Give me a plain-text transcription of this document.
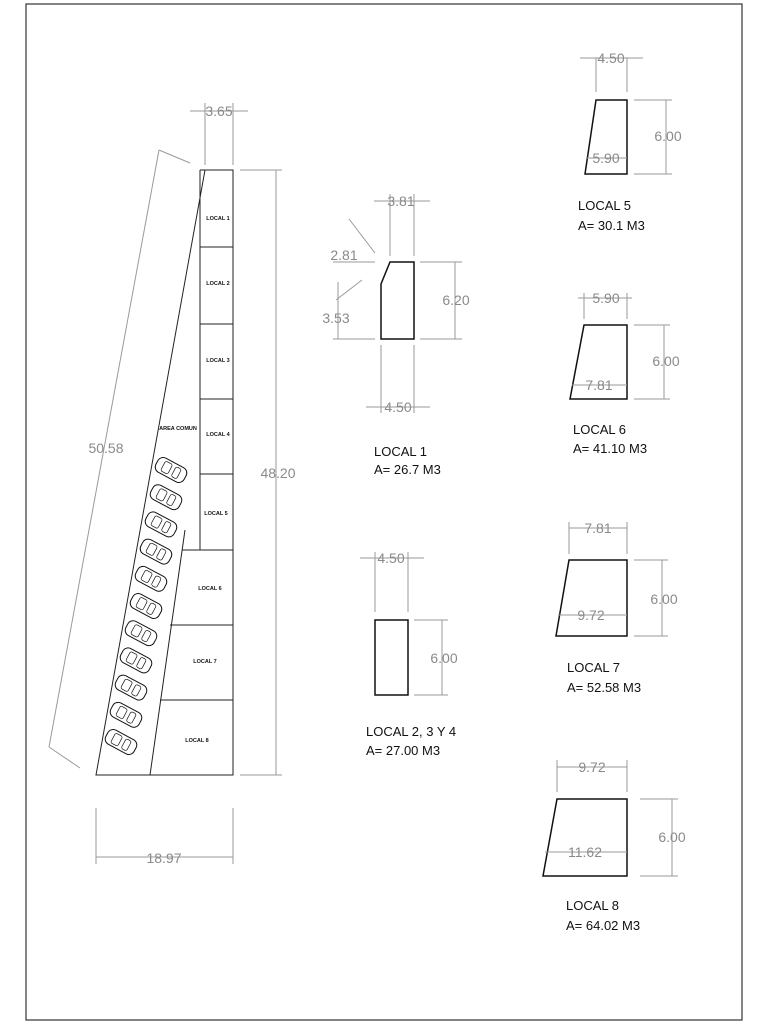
LOCAL 1
LOCAL 2
LOCAL 3
LOCAL 4
LOCAL 5
LOCAL 6
LOCAL 7
LOCAL 8
AREA COMUN
3.65
48.20
50.58
18.97
3.81
6.20
4.50
2.81
3.53
LOCAL 1
A= 26.7 M3
4.50
6.00
LOCAL 2, 3 Y 4
A= 27.00 M3
4.50
5.90
6.00
LOCAL 5
A= 30.1 M3
5.90
7.81
6.00
LOCAL 6
A= 41.10 M3
7.81
9.72
6.00
LOCAL 7
A= 52.58 M3
9.72
11.62
6.00
LOCAL 8
A= 64.02 M3
